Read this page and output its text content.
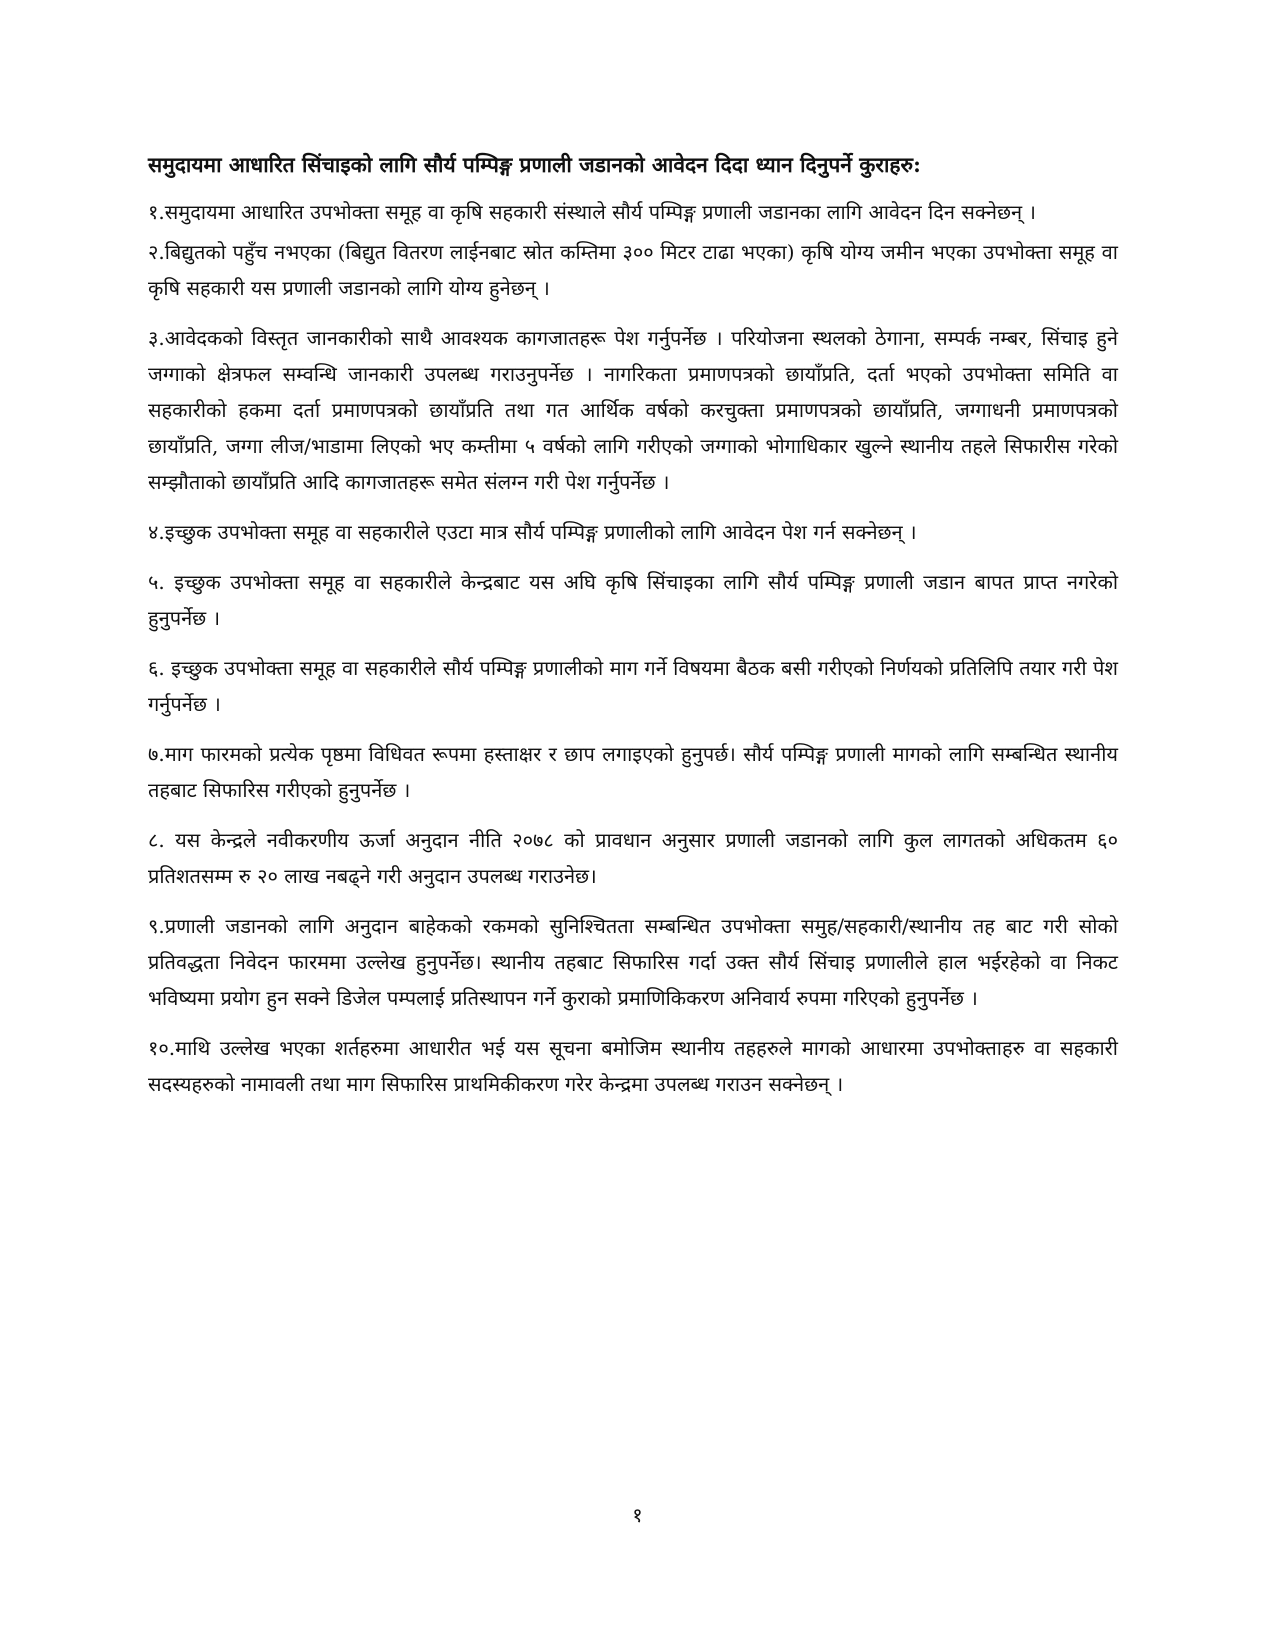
समुदायमा आधारित सिंचाइको लागि सौर्य पम्पिङ्ग प्रणाली जडानको आवेदन दिदा ध्यान दिनुपर्ने कुराहरु:

१.समुदायमा आधारित उपभोक्ता समूह वा कृषि सहकारी संस्थाले सौर्य पम्पिङ्ग प्रणाली जडानका लागि आवेदन दिन सक्नेछन् ।

२.बिद्युतको पहुँच नभएका (बिद्युत वितरण लाईनबाट स्रोत कम्तिमा ३०० मिटर टाढा भएका) कृषि योग्य जमीन भएका उपभोक्ता समूह वा कृषि सहकारी यस प्रणाली जडानको लागि योग्य हुनेछन् ।

३.आवेदकको विस्तृत जानकारीको साथै आवश्यक कागजातहरू पेश गर्नुपर्नेछ । परियोजना स्थलको ठेगाना, सम्पर्क नम्बर, सिंचाइ हुने जग्गाको क्षेत्रफल सम्वन्धि जानकारी उपलब्ध गराउनुपर्नेछ । नागरिकता प्रमाणपत्रको छायाँप्रति, दर्ता भएको उपभोक्ता समिति वा सहकारीको हकमा दर्ता प्रमाणपत्रको छायाँप्रति तथा गत आर्थिक वर्षको करचुक्ता प्रमाणपत्रको छायाँप्रति, जग्गाधनी प्रमाणपत्रको छायाँप्रति, जग्गा लीज/भाडामा लिएको भए कम्तीमा ५ वर्षको लागि गरीएको जग्गाको भोगाधिकार खुल्ने स्थानीय तहले सिफारीस गरेको सम्झौताको छायाँप्रति आदि कागजातहरू समेत संलग्न गरी पेश गर्नुपर्नेछ ।

४.इच्छुक उपभोक्ता समूह वा सहकारीले एउटा मात्र सौर्य पम्पिङ्ग प्रणालीको लागि आवेदन पेश गर्न सक्नेछन् ।

५. इच्छुक उपभोक्ता समूह वा सहकारीले केन्द्रबाट यस अघि कृषि सिंचाइका लागि सौर्य पम्पिङ्ग प्रणाली जडान बापत प्राप्त नगरेको हुनुपर्नेछ ।

६. इच्छुक उपभोक्ता समूह वा सहकारीले सौर्य पम्पिङ्ग प्रणालीको माग गर्ने विषयमा बैठक बसी गरीएको निर्णयको प्रतिलिपि तयार गरी पेश गर्नुपर्नेछ ।

७.माग फारमको प्रत्येक पृष्ठमा विधिवत रूपमा हस्ताक्षर र छाप लगाइएको हुनुपर्छ। सौर्य पम्पिङ्ग प्रणाली मागको लागि सम्बन्धित स्थानीय तहबाट सिफारिस गरीएको हुनुपर्नेछ ।

८. यस केन्द्रले नवीकरणीय ऊर्जा अनुदान नीति २०७८ को प्रावधान अनुसार प्रणाली जडानको लागि कुल लागतको अधिकतम ६० प्रतिशतसम्म रु २० लाख नबढ्ने गरी अनुदान उपलब्ध गराउनेछ।

९.प्रणाली जडानको लागि अनुदान बाहेकको रकमको सुनिश्चितता सम्बन्धित उपभोक्ता समुह/सहकारी/स्थानीय तह बाट गरी सोको प्रतिवद्धता निवेदन फारममा उल्लेख हुनुपर्नेछ। स्थानीय तहबाट सिफारिस गर्दा उक्त सौर्य सिंचाइ प्रणालीले हाल भईरहेको वा निकट भविष्यमा प्रयोग हुन सक्ने डिजेल पम्पलाई प्रतिस्थापन गर्ने कुराको प्रमाणिकिकरण अनिवार्य रुपमा गरिएको हुनुपर्नेछ ।

१०.माथि उल्लेख भएका शर्तहरुमा आधारीत भई यस सूचना बमोजिम स्थानीय तहहरुले मागको आधारमा उपभोक्ताहरु वा सहकारी सदस्यहरुको नामावली तथा माग सिफारिस प्राथमिकीकरण गरेर केन्द्रमा उपलब्ध गराउन सक्नेछन् ।

१
